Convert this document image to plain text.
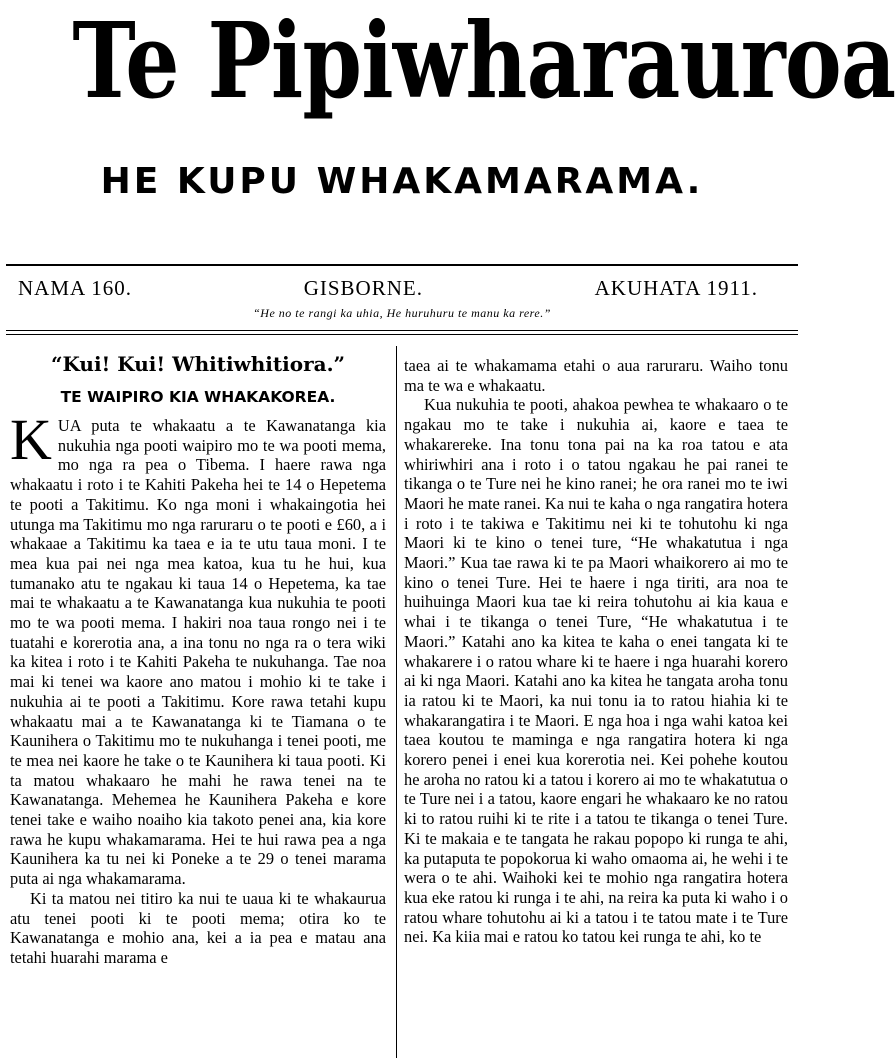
Te Pipiwharauroa
HE KUPU WHAKAMARAMA.
NAMA 160.	GISBORNE.	AKUHATA 1911.
“He no te rangi ka uhia, He huruhuru te manu ka rere.”
“Kui! Kui! Whitiwhitiora.”
TE WAIPIRO KIA WHAKAKOREA.

KUA puta te whakaatu a te Kawanatanga kia nukuhia nga pooti waipiro mo te wa pooti mema, mo nga ra pea o Tibema. I haere rawa nga whakaatu i roto i te Kahiti Pakeha hei te 14 o Hepetema te pooti a Takitimu. Ko nga moni i whakaingotia hei utunga ma Takitimu mo nga raruraru o te pooti e £60, a i whakaae a Takitimu ka taea e ia te utu taua moni. I te mea kua pai nei nga mea katoa, kua tu he hui, kua tumanako atu te ngakau ki taua 14 o Hepetema, ka tae mai te whakaatu a te Kawanatanga kua nukuhia te pooti mo te wa pooti mema. I hakiri noa taua rongo nei i te tuatahi e korerotia ana, a ina tonu no nga ra o tera wiki ka kitea i roto i te Kahiti Pakeha te nukuhanga. Tae noa mai ki tenei wa kaore ano matou i mohio ki te take i nukuhia ai te pooti a Takitimu. Kore rawa tetahi kupu whakaatu mai a te Kawanatanga ki te Tiamana o te Kaunihera o Takitimu mo te nukuhanga i tenei pooti, me te mea nei kaore he take o te Kaunihera ki taua pooti. Ki ta matou whakaaro he mahi he rawa tenei na te Kawanatanga. Mehemea he Kaunihera Pakeha e kore tenei take e waiho noaiho kia takoto penei ana, kia kore rawa he kupu whakamarama. Hei te hui rawa pea a nga Kaunihera ka tu nei ki Poneke a te 29 o tenei marama puta ai nga whakamarama.

Ki ta matou nei titiro ka nui te uaua ki te whakaurua atu tenei pooti ki te pooti mema; otira ko te Kawanatanga e mohio ana, kei a ia pea e matau ana tetahi huarahi marama e

taea ai te whakamama etahi o aua raruraru. Waiho tonu ma te wa e whakaatu.

Kua nukuhia te pooti, ahakoa pewhea te whakaaro o te ngakau mo te take i nukuhia ai, kaore e taea te whakarereke. Ina tonu tona pai na ka roa tatou e ata whiriwhiri ana i roto i o tatou ngakau he pai ranei te tikanga o te Ture nei he kino ranei; he ora ranei mo te iwi Maori he mate ranei. Ka nui te kaha o nga rangatira hotera i roto i te takiwa e Takitimu nei ki te tohutohu ki nga Maori ki te kino o tenei ture, “He whakatutua i nga Maori.” Kua tae rawa ki te pa Maori whaikorero ai mo te kino o tenei Ture. Hei te haere i nga tiriti, ara noa te huihuinga Maori kua tae ki reira tohutohu ai kia kaua e whai i te tikanga o tenei Ture, “He whakatutua i te Maori.” Katahi ano ka kitea te kaha o enei tangata ki te whakarere i o ratou whare ki te haere i nga huarahi korero ai ki nga Maori. Katahi ano ka kitea he tangata aroha tonu ia ratou ki te Maori, ka nui tonu ia to ratou hiahia ki te whakarangatira i te Maori. E nga hoa i nga wahi katoa kei taea koutou te maminga e nga rangatira hotera ki nga korero penei i enei kua korerotia nei. Kei pohehe koutou he aroha no ratou ki a tatou i korero ai mo te whakatutua o te Ture nei i a tatou, kaore engari he whakaaro ke no ratou ki to ratou ruihi ki te rite i a tatou te tikanga o tenei Ture. Ki te makaia e te tangata he rakau popopo ki runga te ahi, ka putaputa te popokorua ki waho omaoma ai, he wehi i te wera o te ahi. Waihoki kei te mohio nga rangatira hotera kua eke ratou ki runga i te ahi, na reira ka puta ki waho i o ratou whare tohutohu ai ki a tatou i te tatou mate i te Ture nei. Ka kiia mai e ratou ko tatou kei runga te ahi, ko te
